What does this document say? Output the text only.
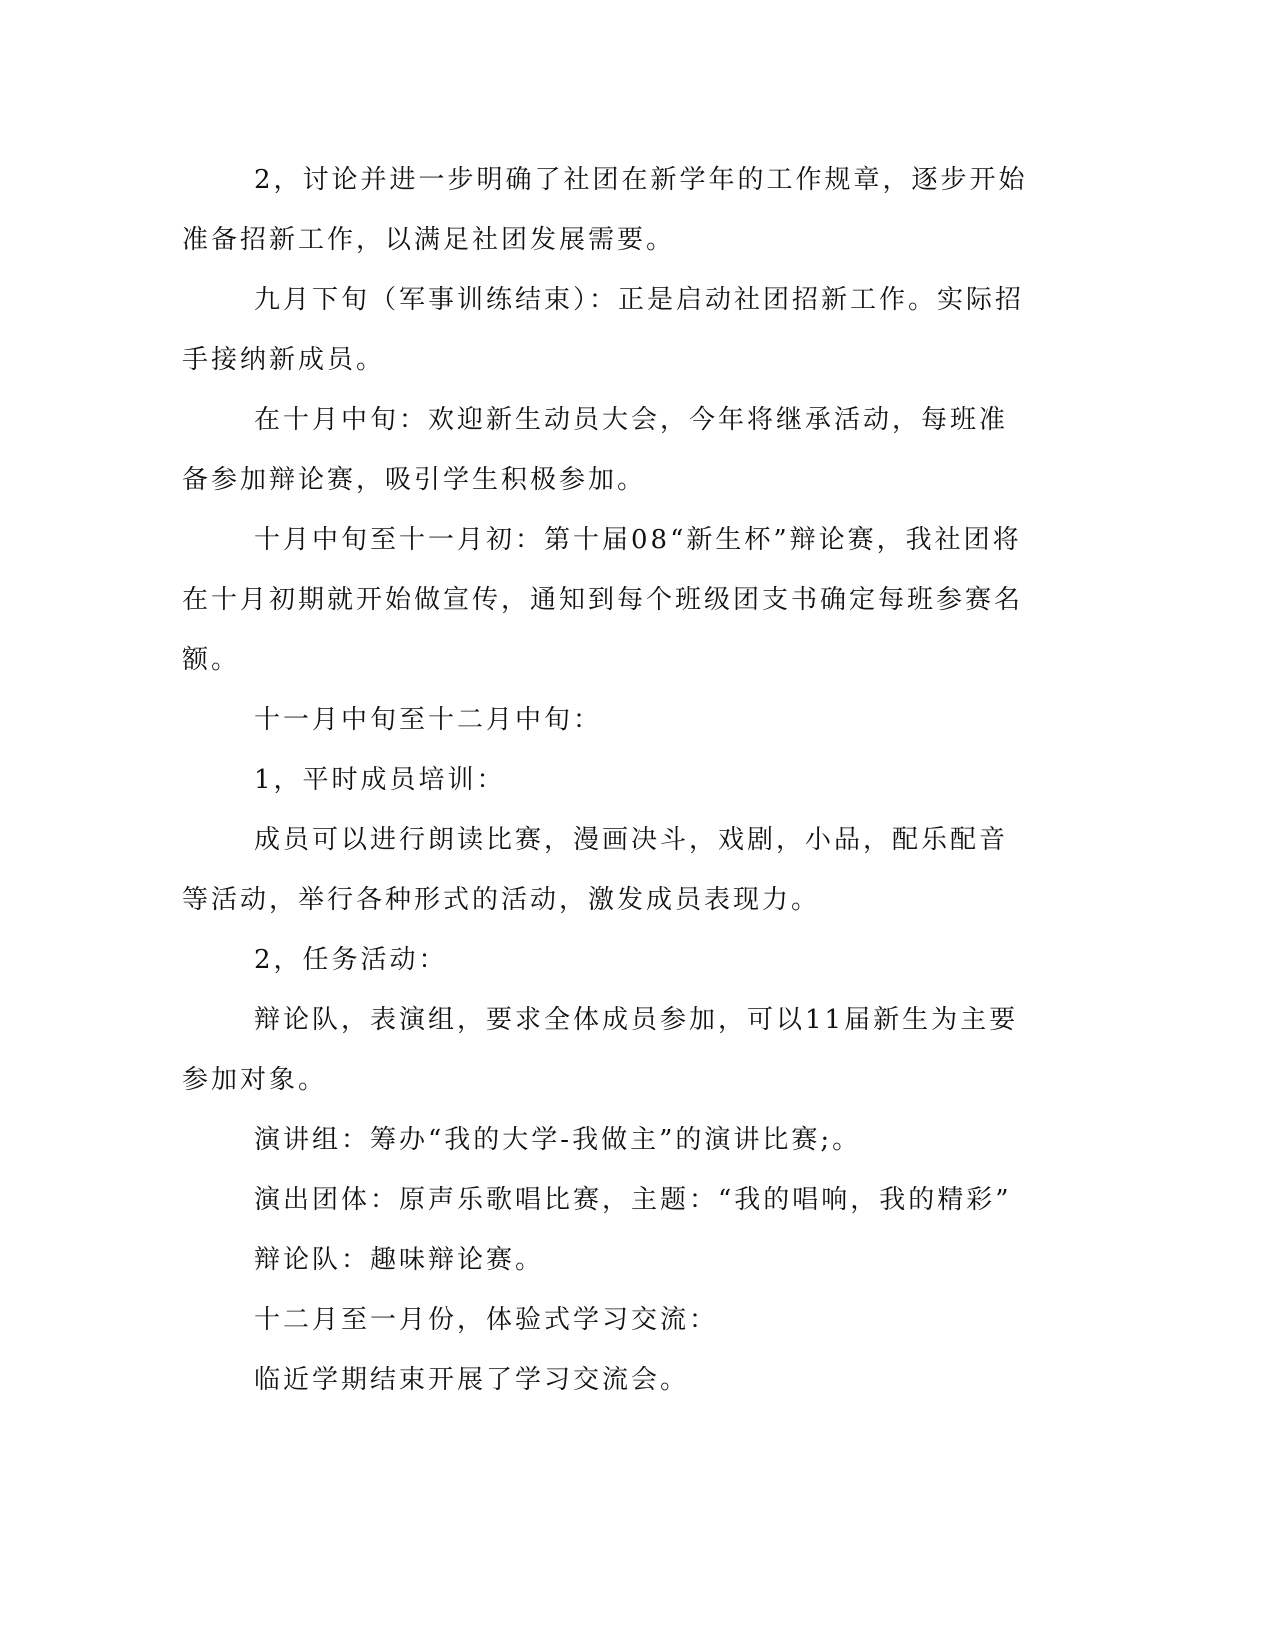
2，讨论并进一步明确了社团在新学年的工作规章，逐步开始准备招新工作，以满足社团发展需要。

九月下旬（军事训练结束）：正是启动社团招新工作。实际招手接纳新成员。

在十月中旬：欢迎新生动员大会，今年将继承活动，每班准备参加辩论赛，吸引学生积极参加。

十月中旬至十一月初：第十届08“新生杯”辩论赛，我社团将在十月初期就开始做宣传，通知到每个班级团支书确定每班参赛名额。

十一月中旬至十二月中旬：

1，平时成员培训：

成员可以进行朗读比赛，漫画决斗，戏剧，小品，配乐配音等活动，举行各种形式的活动，激发成员表现力。

2，任务活动：

辩论队，表演组，要求全体成员参加，可以11届新生为主要参加对象。

演讲组：筹办“我的大学-我做主”的演讲比赛;。

演出团体：原声乐歌唱比赛，主题：“我的唱响，我的精彩”

辩论队：趣味辩论赛。

十二月至一月份，体验式学习交流：

临近学期结束开展了学习交流会。
